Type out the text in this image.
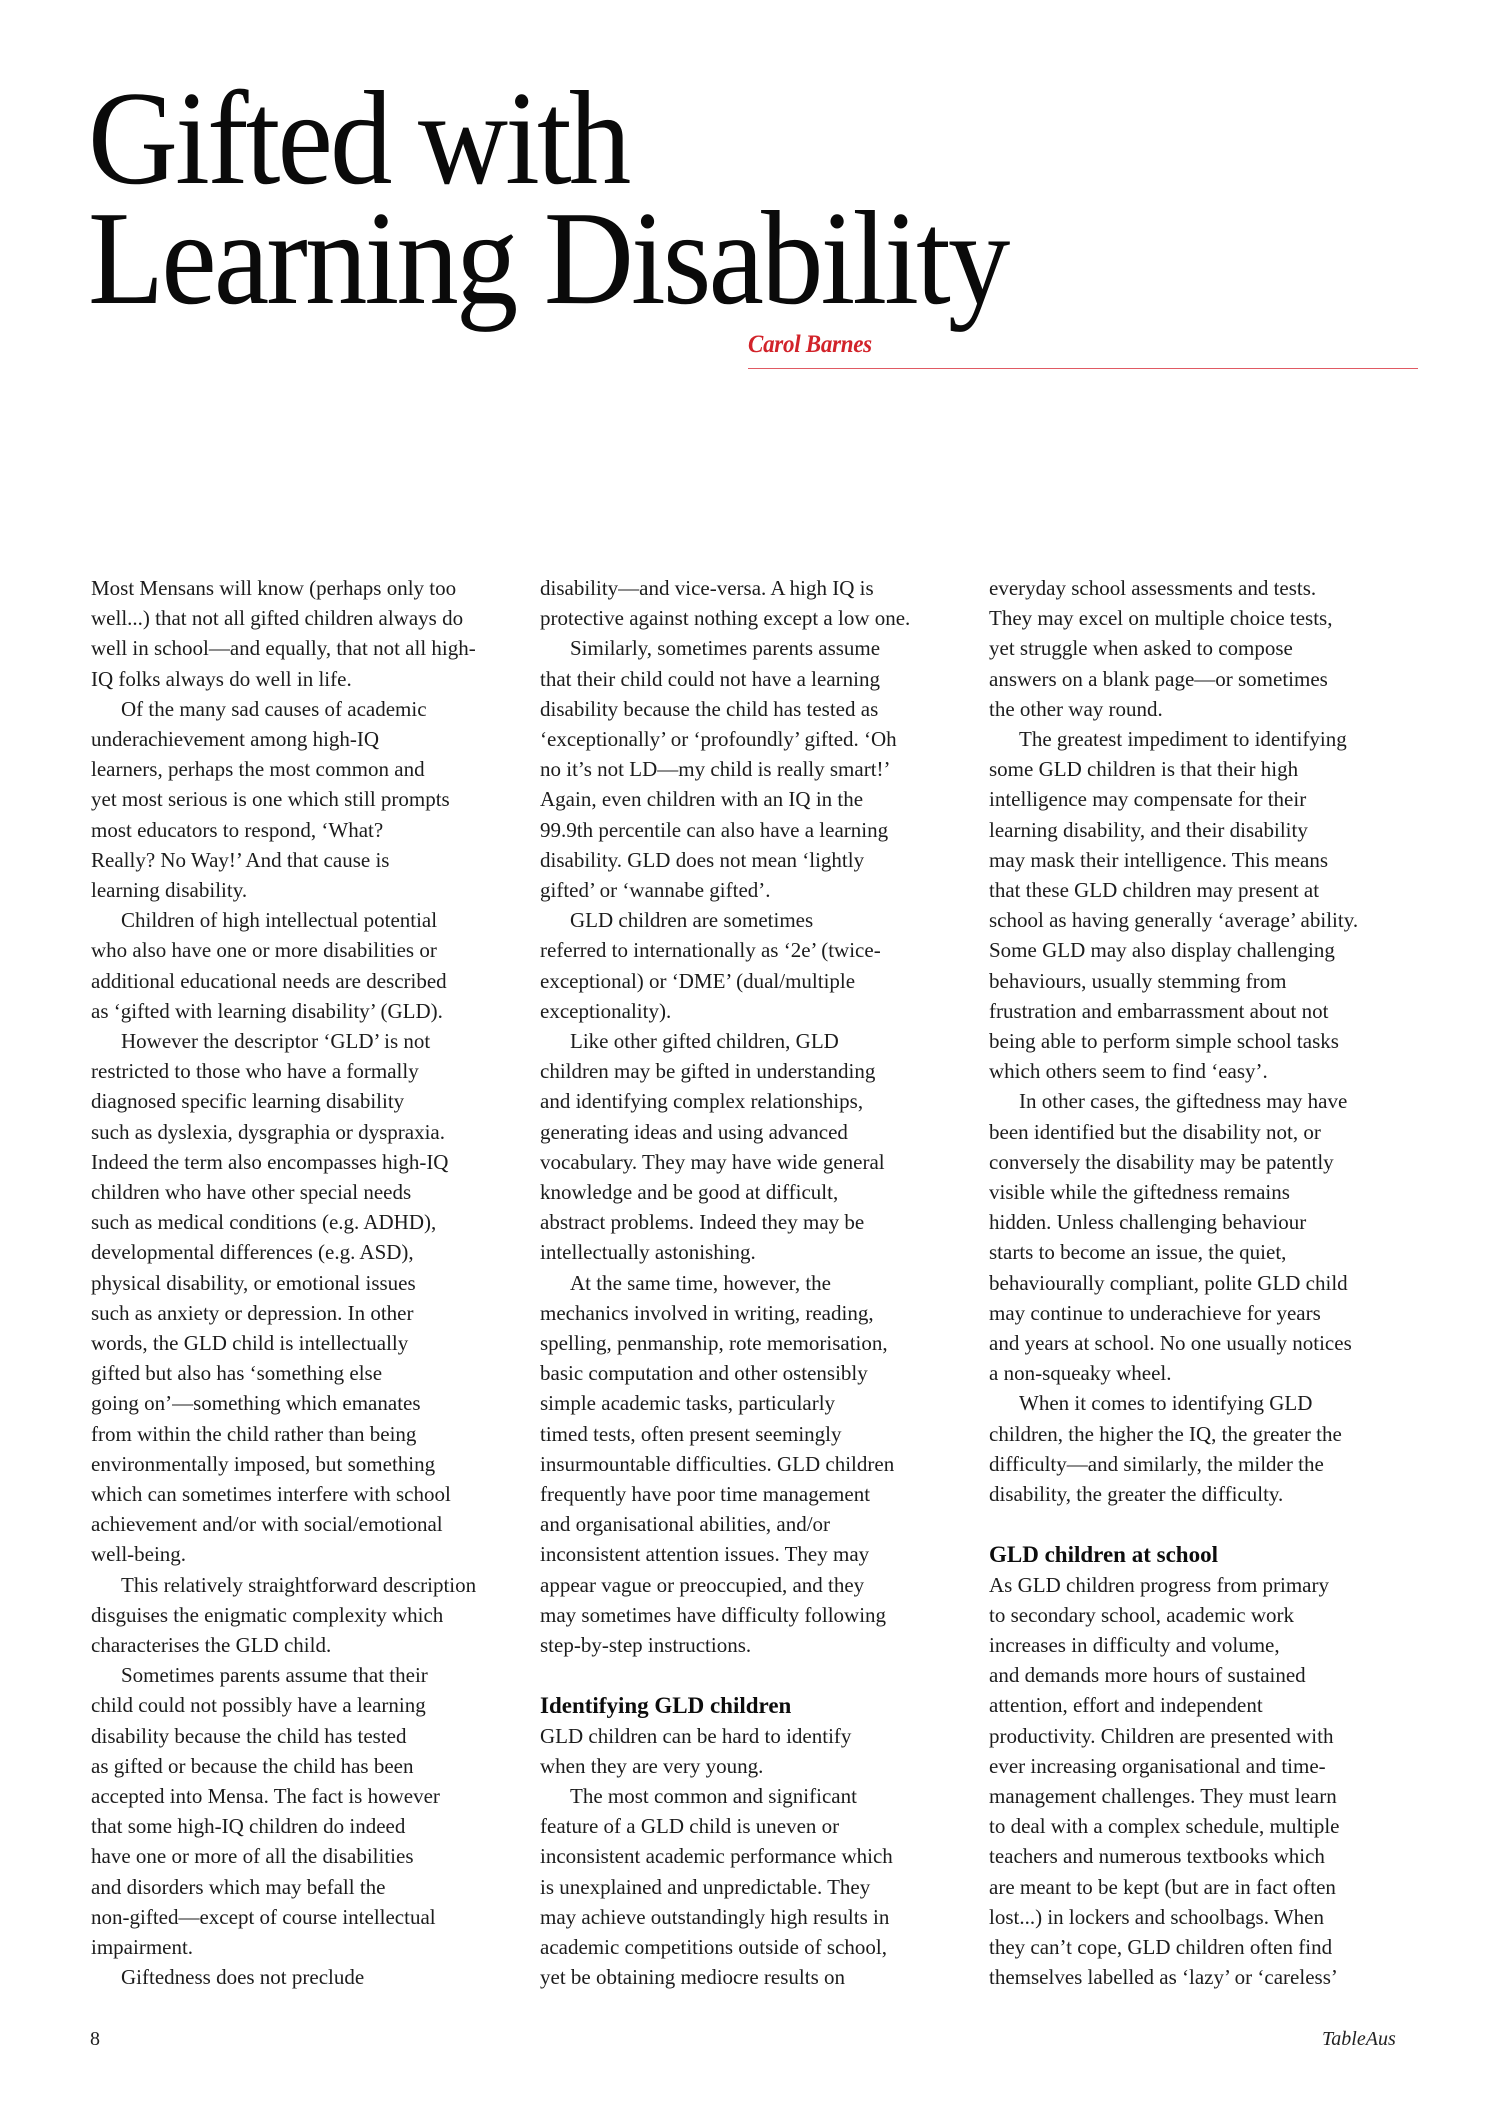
Gifted with
Learning Disability
Carol Barnes
Most Mensans will know (perhaps only too
well...) that not all gifted children always do
well in school—and equally, that not all high-
IQ folks always do well in life.
Of the many sad causes of academic
underachievement among high-IQ
learners, perhaps the most common and
yet most serious is one which still prompts
most educators to respond, ‘What?
Really? No Way!’ And that cause is
learning disability.
Children of high intellectual potential
who also have one or more disabilities or
additional educational needs are described
as ‘gifted with learning disability’ (GLD).
However the descriptor ‘GLD’ is not
restricted to those who have a formally
diagnosed specific learning disability
such as dyslexia, dysgraphia or dyspraxia.
Indeed the term also encompasses high-IQ
children who have other special needs
such as medical conditions (e.g. ADHD),
developmental differences (e.g. ASD),
physical disability, or emotional issues
such as anxiety or depression. In other
words, the GLD child is intellectually
gifted but also has ‘something else
going on’—something which emanates
from within the child rather than being
environmentally imposed, but something
which can sometimes interfere with school
achievement and/or with social/emotional
well-being.
This relatively straightforward description
disguises the enigmatic complexity which
characterises the GLD child.
Sometimes parents assume that their
child could not possibly have a learning
disability because the child has tested
as gifted or because the child has been
accepted into Mensa. The fact is however
that some high-IQ children do indeed
have one or more of all the disabilities
and disorders which may befall the
non-gifted—except of course intellectual
impairment.
Giftedness does not preclude
disability—and vice-versa. A high IQ is
protective against nothing except a low one.
Similarly, sometimes parents assume
that their child could not have a learning
disability because the child has tested as
‘exceptionally’ or ‘profoundly’ gifted. ‘Oh
no it’s not LD—my child is really smart!’
Again, even children with an IQ in the
99.9th percentile can also have a learning
disability. GLD does not mean ‘lightly
gifted’ or ‘wannabe gifted’.
GLD children are sometimes
referred to internationally as ‘2e’ (twice-
exceptional) or ‘DME’ (dual/multiple
exceptionality).
Like other gifted children, GLD
children may be gifted in understanding
and identifying complex relationships,
generating ideas and using advanced
vocabulary. They may have wide general
knowledge and be good at difficult,
abstract problems. Indeed they may be
intellectually astonishing.
At the same time, however, the
mechanics involved in writing, reading,
spelling, penmanship, rote memorisation,
basic computation and other ostensibly
simple academic tasks, particularly
timed tests, often present seemingly
insurmountable difficulties. GLD children
frequently have poor time management
and organisational abilities, and/or
inconsistent attention issues. They may
appear vague or preoccupied, and they
may sometimes have difficulty following
step-by-step instructions.
Identifying GLD children
GLD children can be hard to identify
when they are very young.
The most common and significant
feature of a GLD child is uneven or
inconsistent academic performance which
is unexplained and unpredictable. They
may achieve outstandingly high results in
academic competitions outside of school,
yet be obtaining mediocre results on
everyday school assessments and tests.
They may excel on multiple choice tests,
yet struggle when asked to compose
answers on a blank page—or sometimes
the other way round.
The greatest impediment to identifying
some GLD children is that their high
intelligence may compensate for their
learning disability, and their disability
may mask their intelligence. This means
that these GLD children may present at
school as having generally ‘average’ ability.
Some GLD may also display challenging
behaviours, usually stemming from
frustration and embarrassment about not
being able to perform simple school tasks
which others seem to find ‘easy’.
In other cases, the giftedness may have
been identified but the disability not, or
conversely the disability may be patently
visible while the giftedness remains
hidden. Unless challenging behaviour
starts to become an issue, the quiet,
behaviourally compliant, polite GLD child
may continue to underachieve for years
and years at school. No one usually notices
a non-squeaky wheel.
When it comes to identifying GLD
children, the higher the IQ, the greater the
difficulty—and similarly, the milder the
disability, the greater the difficulty.
GLD children at school
As GLD children progress from primary
to secondary school, academic work
increases in difficulty and volume,
and demands more hours of sustained
attention, effort and independent
productivity. Children are presented with
ever increasing organisational and time-
management challenges. They must learn
to deal with a complex schedule, multiple
teachers and numerous textbooks which
are meant to be kept (but are in fact often
lost...) in lockers and schoolbags. When
they can’t cope, GLD children often find
themselves labelled as ‘lazy’ or ‘careless’
8	TableAus
